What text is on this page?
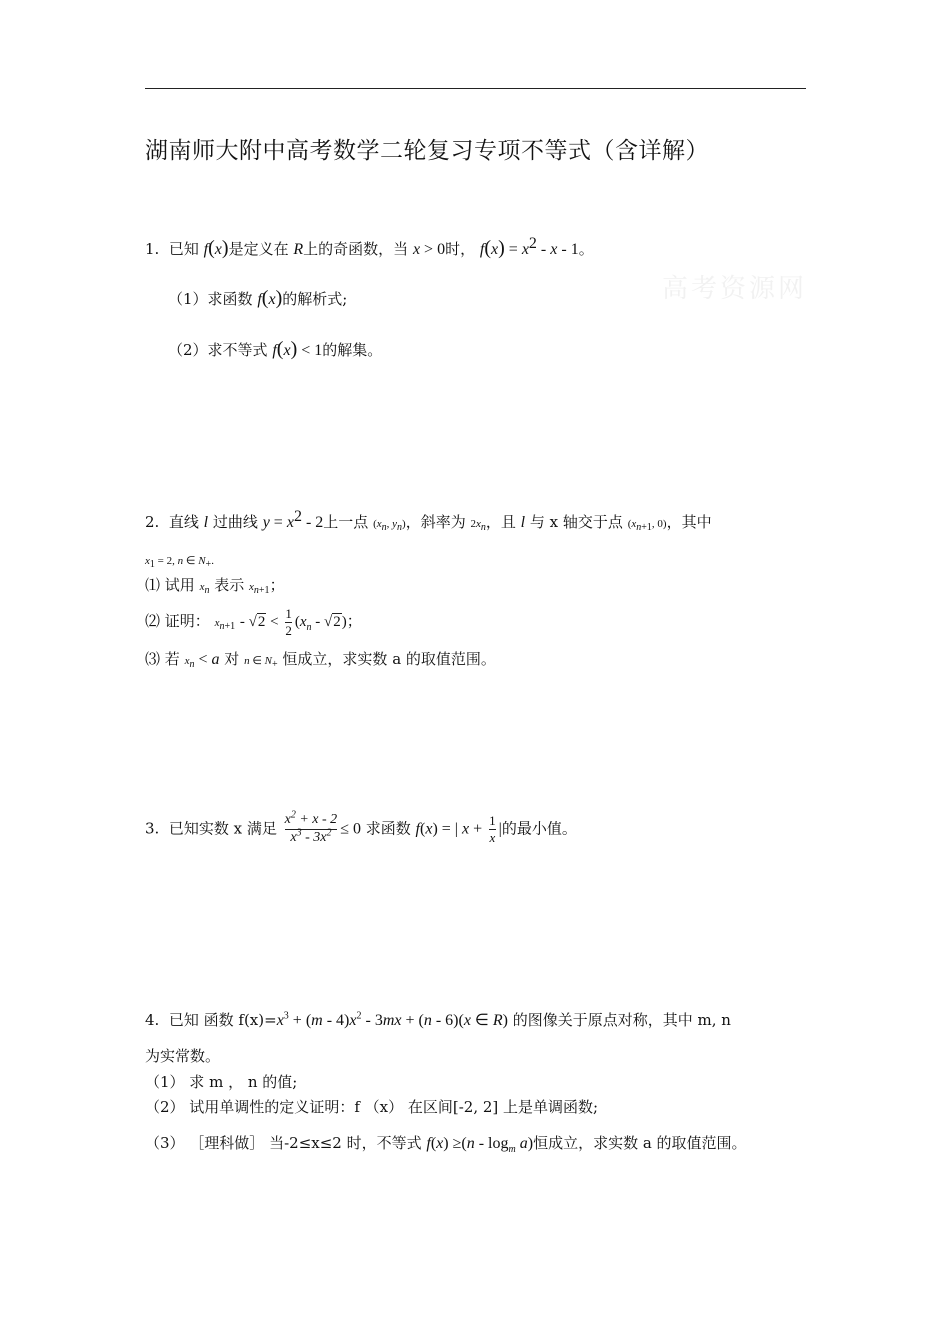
湖南师大附中高考数学二轮复习专项不等式（含详解）
高考资源网
1. 已知 f(x)是定义在 R上的奇函数，当 x > 0时， $f(x) = x^2 - x - 1$。
（1）求函数 f(x)的解析式;
（2）求不等式 f(x) < 1的解集。
2. 直线 l 过曲线 $y = x^2 - 2$上一点 ($x_n$, $y_n$)，斜率为 $2x_n$，且 l 与 x 轴交于点 ($x_{n+1}$, 0)，其中
$x_1 = 2$, n ∈ $N_+$.
⑴ 试用 $x_n$ 表示 $x_{n+1}$；
⑵ 证明： $x_{n+1} - √2 < \frac{1}{2} (x_n - √2)$；
⑶ 若 $x_n < a$ 对 n ∈ $N_+$ 恒成立，求实数 a 的取值范围。
3. 已知实数 x 满足 $\frac{x^2 + x - 2}{x^3 - 3x^2} \le 0$ 求函数 f(x) = | $x + \frac{1}{x}$ |的最小值。
4. 已知 函数 $f(x)=x^3 + (m - 4)x^2 - 3mx + (n - 6)(x$ ∈ R) 的图像关于原点对称，其中 m, n
为实常数。
（1） 求 m ， n 的值;
（2） 试用单调性的定义证明：f （x） 在区间[-2, 2] 上是单调函数;
（3） ［理科做］ 当-2≤x≤2 时，不等式 $f(x) \ge(n - \log_m a)$恒成立，求实数 a 的取值范围。
